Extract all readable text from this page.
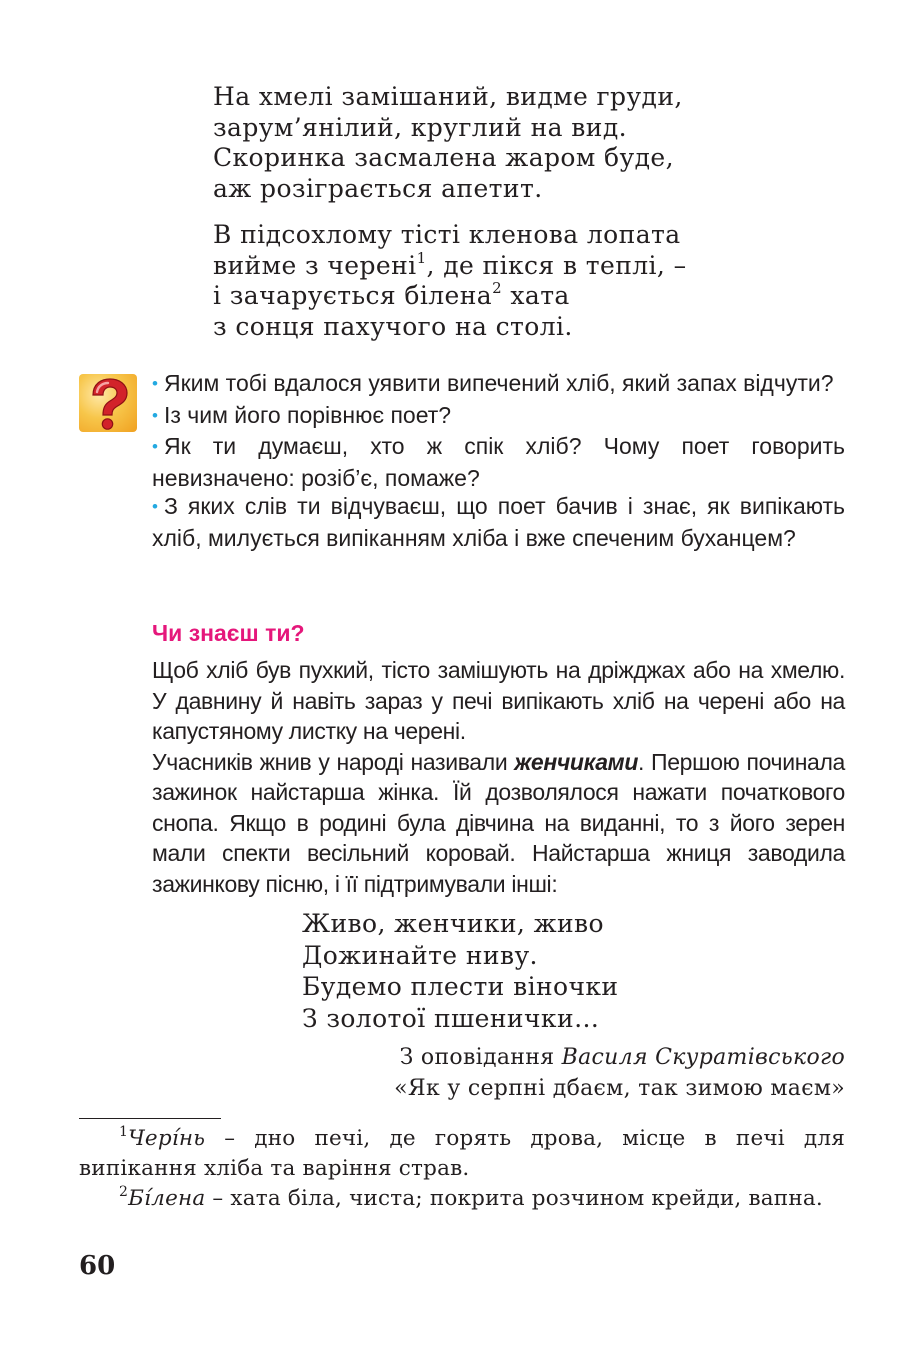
На хмелі замішаний, видме груди,
зарум’янілий, круглий на вид.
Скоринка засмалена жаром буде,
аж розіграється апетит.
В підсохлому тісті кленова лопата
вийме з черені$^1$, де пікся в теплі, –
і зачарується білена$^2$ хата
з сонця пахучого на столі.
• Яким тобі вдалося уявити випечений хліб, який запах відчути?
• Із чим його порівнює поет?
• Як ти думаєш, хто ж спік хліб? Чому поет говорить невизначено: розіб’є, помаже?
• З яких слів ти відчуваєш, що поет бачив і знає, як випікають хліб, милується випіканням хліба і вже спеченим буханцем?
Чи знаєш ти?

Щоб хліб був пухкий, тісто замішують на дріжджах або на хмелю. У давнину й навіть зараз у печі випікають хліб на черені або на капустяному листку на черені.

Учасників жнив у народі називали женчиками. Першою починала зажинок найстарша жінка. Їй дозволялося нажати початкового снопа. Якщо в родині була дівчина на виданні, то з його зерен мали спекти весільний коровай. Найстарша жниця заводила зажинкову пісню, і її підтримували інші:

Живо, женчики, живо
Дожинайте ниву.
Будемо плести віночки
З золотої пшенички…
З оповідання Василя Скуратівського
«Як у серпні дбаєм, так зимою маєм»

$^1$Черíнь – дно печі, де горять дрова, місце в печі для випікання хліба та варіння страв.

$^2$Бíлена – хата біла, чиста; покрита розчином крейди, вапна.

60
